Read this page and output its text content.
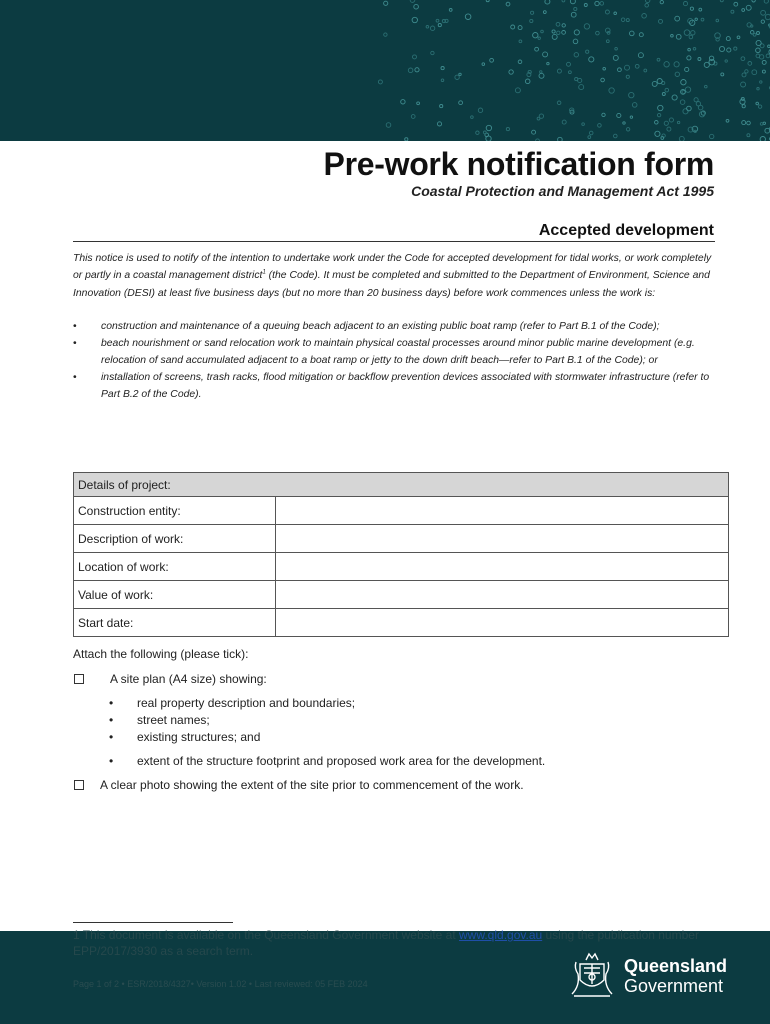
Pre-work notification form
Coastal Protection and Management Act 1995
Accepted development

This notice is used to notify of the intention to undertake work under the Code for accepted development for tidal works, or work completely or partly in a coastal management district$^1$ (the Code). It must be completed and submitted to the Department of Environment, Science and Innovation (DESI) at least five business days (but no more than 20 business days) before work commences unless the work is:

• construction and maintenance of a queuing beach adjacent to an existing public boat ramp (refer to Part B.1 of the Code);
• beach nourishment or sand relocation work to maintain physical coastal processes around minor public marine development (e.g. relocation of sand accumulated adjacent to a boat ramp or jetty to the down drift beach—refer to Part B.1 of the Code); or
• installation of screens, trash racks, flood mitigation or backflow prevention devices associated with stormwater infrastructure (refer to Part B.2 of the Code).
Details of project:	
Construction entity:	
Description of work:	
Location of work:	
Value of work:	
Start date:	
Attach the following (please tick):
A site plan (A4 size) showing:
• real property description and boundaries;
• street names;
• existing structures; and
• extent of the structure footprint and proposed work area for the development.
A clear photo showing the extent of the site prior to commencement of the work.

1 This document is available on the Queensland Government website at www.qld.gov.au using the publication number EPP/2017/3930 as a search term.

Page 1 of 2 • ESR/2018/4327• Version 1.02 • Last reviewed: 05 FEB 2024
Queensland
Government
